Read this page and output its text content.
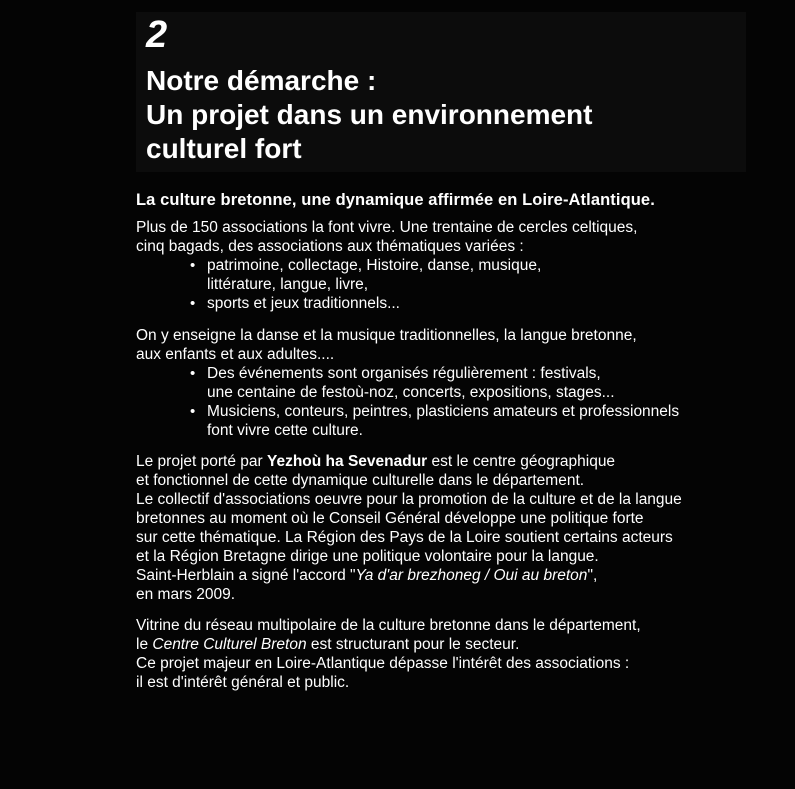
2
Notre démarche :
Un projet dans un environnement
culturel fort
La culture bretonne, une dynamique affirmée en Loire-Atlantique.

Plus de 150 associations la font vivre. Une trentaine de cercles celtiques,
cinq bagads, des associations aux thématiques variées :

• patrimoine, collectage, Histoire, danse, musique,
littérature, langue, livre,
• sports et jeux traditionnels...

On y enseigne la danse et la musique traditionnelles, la langue bretonne,
aux enfants et aux adultes....

• Des événements sont organisés régulièrement : festivals,
une centaine de festoù-noz, concerts, expositions, stages...
• Musiciens, conteurs, peintres, plasticiens amateurs et professionnels
font vivre cette culture.

Le projet porté par Yezhoù ha Sevenadur est le centre géographique
et fonctionnel de cette dynamique culturelle dans le département.
Le collectif d'associations oeuvre pour la promotion de la culture et de la langue
bretonnes au moment où le Conseil Général développe une politique forte
sur cette thématique. La Région des Pays de la Loire soutient certains acteurs
et la Région Bretagne dirige une politique volontaire pour la langue.
Saint-Herblain a signé l'accord "Ya d'ar brezhoneg / Oui au breton",
en mars 2009.

Vitrine du réseau multipolaire de la culture bretonne dans le département,
le Centre Culturel Breton est structurant pour le secteur.
Ce projet majeur en Loire-Atlantique dépasse l'intérêt des associations :
il est d'intérêt général et public.
